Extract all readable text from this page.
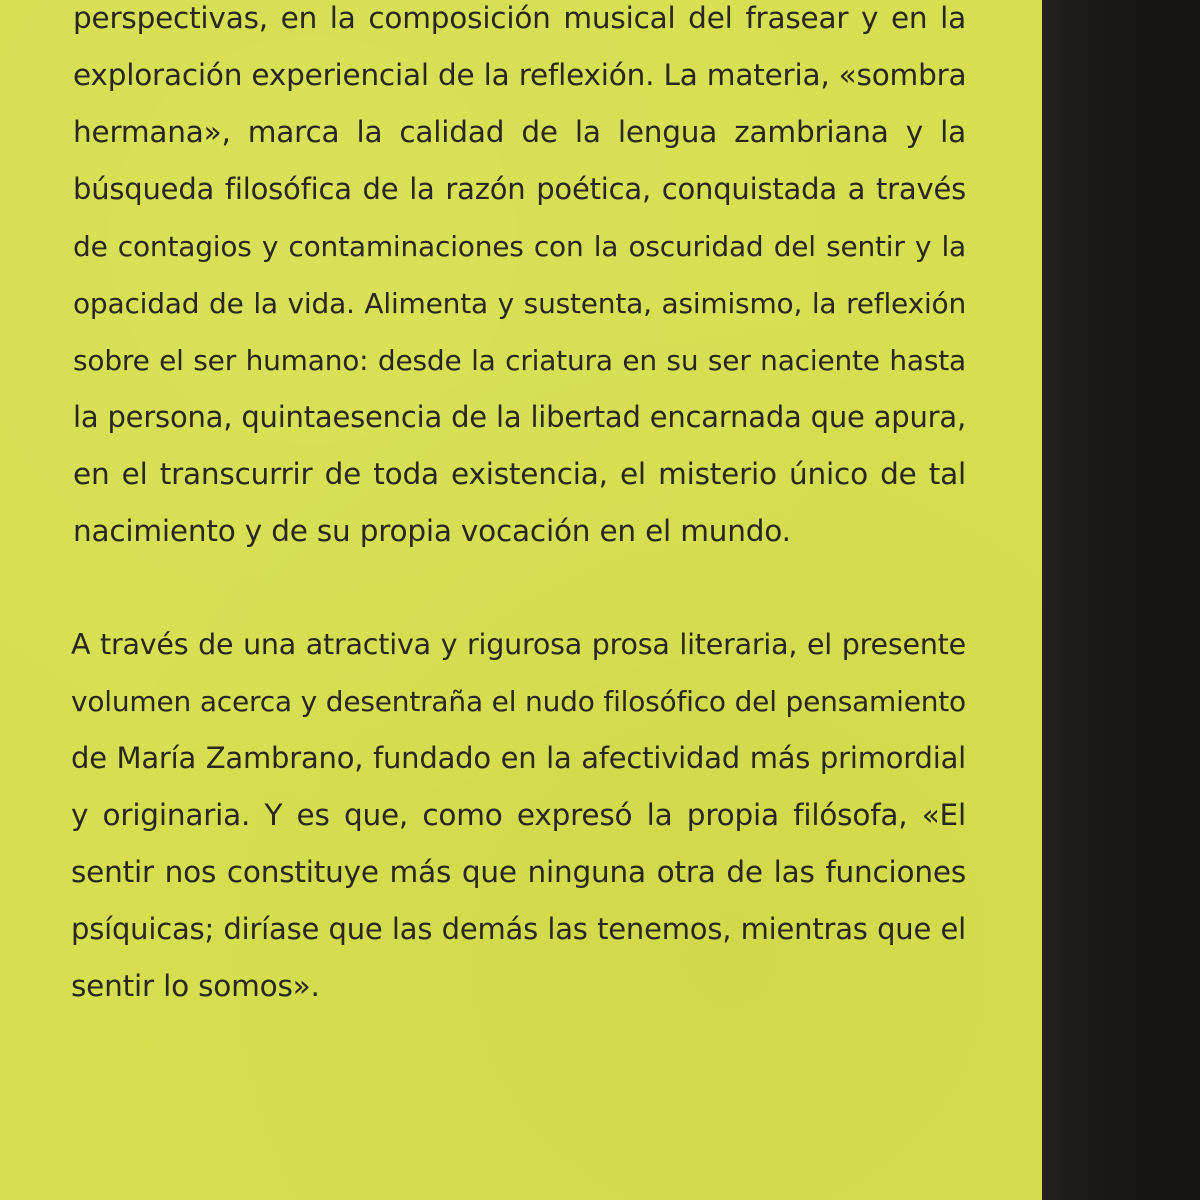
perspectivas, en la composición musical del frasear y en la
exploración experiencial de la reflexión. La materia, «sombra
hermana», marca la calidad de la lengua zambriana y la
búsqueda filosófica de la razón poética, conquistada a través
de contagios y contaminaciones con la oscuridad del sentir y la
opacidad de la vida. Alimenta y sustenta, asimismo, la reflexión
sobre el ser humano: desde la criatura en su ser naciente hasta
la persona, quintaesencia de la libertad encarnada que apura,
en el transcurrir de toda existencia, el misterio único de tal
nacimiento y de su propia vocación en el mundo.

A través de una atractiva y rigurosa prosa literaria, el presente
volumen acerca y desentraña el nudo filosófico del pensamiento
de María Zambrano, fundado en la afectividad más primordial
y originaria. Y es que, como expresó la propia filósofa, «El
sentir nos constituye más que ninguna otra de las funciones
psíquicas; diríase que las demás las tenemos, mientras que el
sentir lo somos».
